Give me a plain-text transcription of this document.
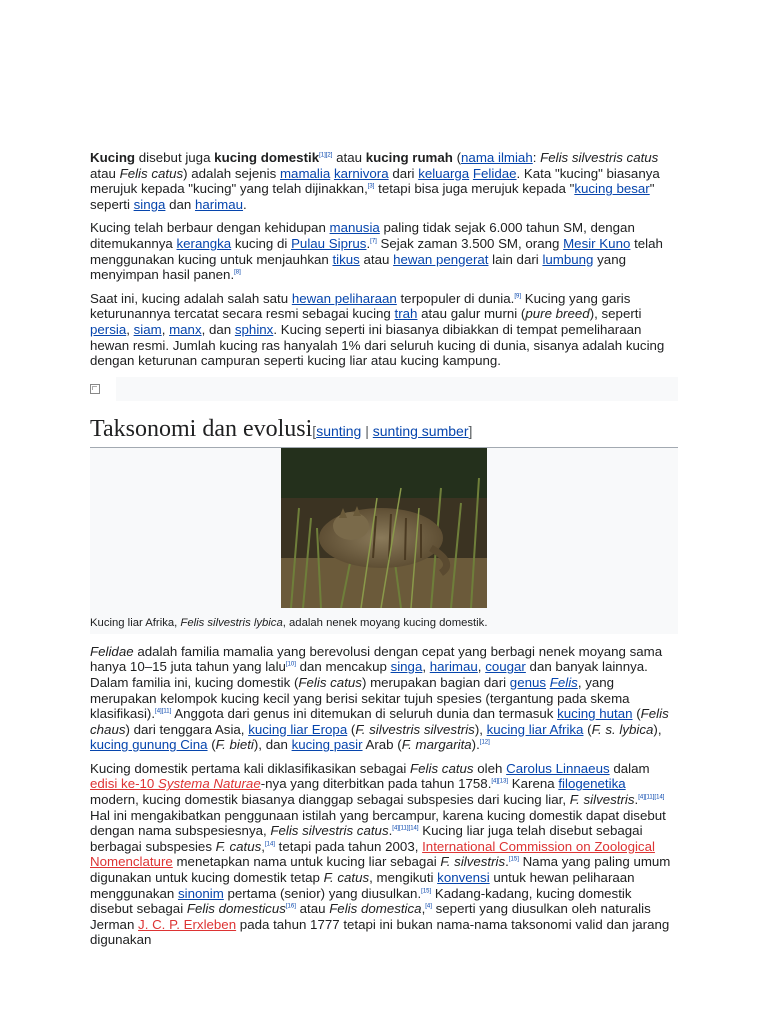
Kucing disebut juga kucing domestik[1][2] atau kucing rumah (nama ilmiah: Felis silvestris catus atau Felis catus) adalah sejenis mamalia karnivora dari keluarga Felidae. Kata "kucing" biasanya merujuk kepada "kucing" yang telah dijinakkan,[3] tetapi bisa juga merujuk kepada "kucing besar" seperti singa dan harimau.

Kucing telah berbaur dengan kehidupan manusia paling tidak sejak 6.000 tahun SM, dengan ditemukannya kerangka kucing di Pulau Siprus.[7] Sejak zaman 3.500 SM, orang Mesir Kuno telah menggunakan kucing untuk menjauhkan tikus atau hewan pengerat lain dari lumbung yang menyimpan hasil panen.[8]

Saat ini, kucing adalah salah satu hewan peliharaan terpopuler di dunia.[9] Kucing yang garis keturunannya tercatat secara resmi sebagai kucing trah atau galur murni (pure breed), seperti persia, siam, manx, dan sphinx. Kucing seperti ini biasanya dibiakkan di tempat pemeliharaan hewan resmi. Jumlah kucing ras hanyalah 1% dari seluruh kucing di dunia, sisanya adalah kucing dengan keturunan campuran seperti kucing liar atau kucing kampung.

Taksonomi dan evolusi[sunting | sunting sumber]
Kucing liar Afrika, Felis silvestris lybica, adalah nenek moyang kucing domestik.

Felidae adalah familia mamalia yang berevolusi dengan cepat yang berbagi nenek moyang sama hanya 10–15 juta tahun yang lalu[10] dan mencakup singa, harimau, cougar dan banyak lainnya. Dalam familia ini, kucing domestik (Felis catus) merupakan bagian dari genus Felis, yang merupakan kelompok kucing kecil yang berisi sekitar tujuh spesies (tergantung pada skema klasifikasi).[4][11] Anggota dari genus ini ditemukan di seluruh dunia dan termasuk kucing hutan (Felis chaus) dari tenggara Asia, kucing liar Eropa (F. silvestris silvestris), kucing liar Afrika (F. s. lybica), kucing gunung Cina (F. bieti), dan kucing pasir Arab (F. margarita).[12]

Kucing domestik pertama kali diklasifikasikan sebagai Felis catus oleh Carolus Linnaeus dalam edisi ke-10 Systema Naturae-nya yang diterbitkan pada tahun 1758.[4][13] Karena filogenetika modern, kucing domestik biasanya dianggap sebagai subspesies dari kucing liar, F. silvestris.[4][11][14] Hal ini mengakibatkan penggunaan istilah yang bercampur, karena kucing domestik dapat disebut dengan nama subspesiesnya, Felis silvestris catus.[4][11][14] Kucing liar juga telah disebut sebagai berbagai subspesies F. catus,[14] tetapi pada tahun 2003, International Commission on Zoological Nomenclature menetapkan nama untuk kucing liar sebagai F. silvestris.[15] Nama yang paling umum digunakan untuk kucing domestik tetap F. catus, mengikuti konvensi untuk hewan peliharaan menggunakan sinonim pertama (senior) yang diusulkan.[15] Kadang-kadang, kucing domestik disebut sebagai Felis domesticus[16] atau Felis domestica,[4] seperti yang diusulkan oleh naturalis Jerman J. C. P. Erxleben pada tahun 1777 tetapi ini bukan nama-nama taksonomi valid dan jarang digunakan
